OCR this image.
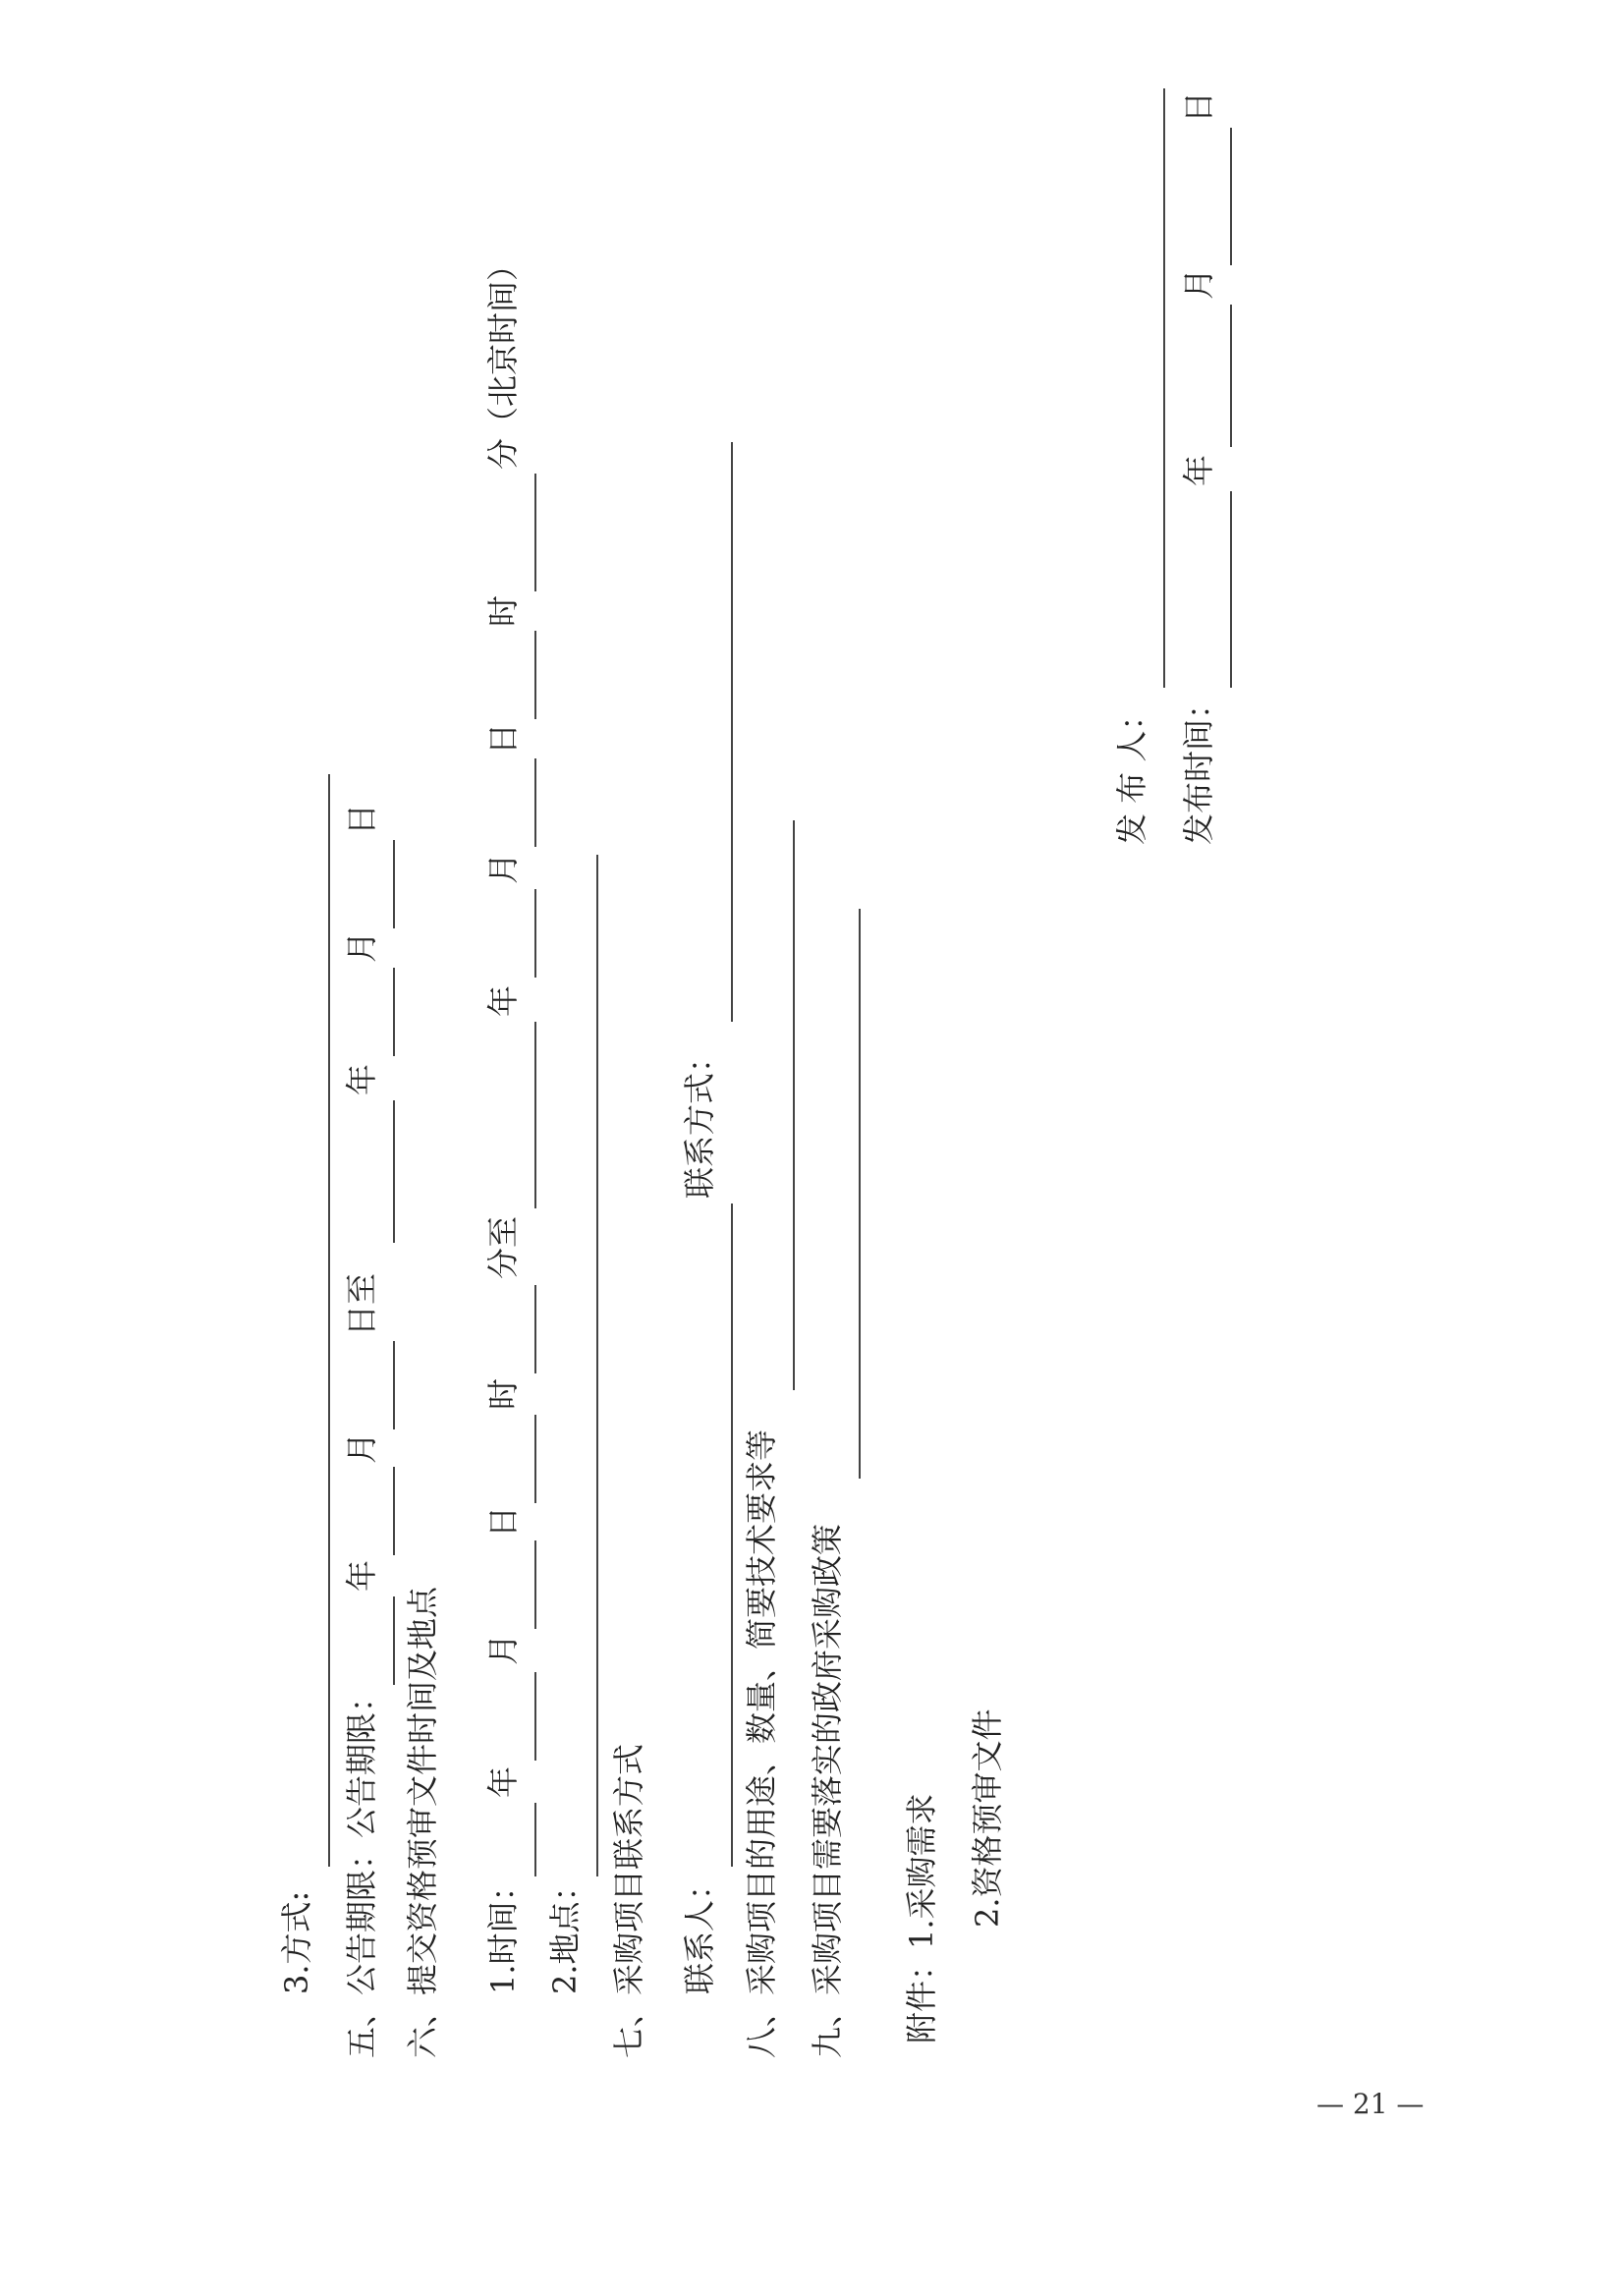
3.方式: 五、公告期限：公告期限：
年
月
日至
年
月
日
六、提交资格预审文件时间及地点 1.时间：
年
月
日
时
分至
年
月
日
时
分（北京时间）
2.地点： 七、采购项目联系方式 联系人：
联系方式：
八、采购项目的用途、数量、简要技术要求等 九、采购项目需要落实的政府采购政策 附件：1.采购需求 2.资格预审文件
发 布 人： 发布时间：
年
月
日
— 21 —
